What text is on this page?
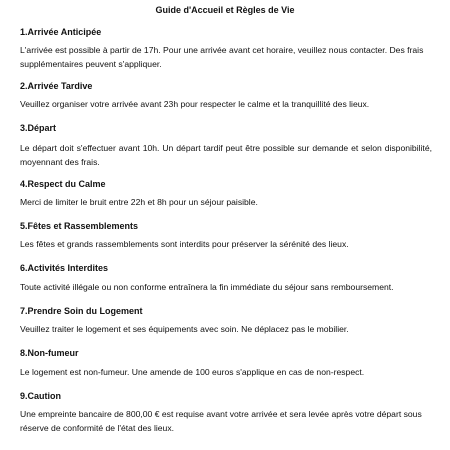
Guide d'Accueil et Règles de Vie
1.Arrivée Anticipée

L'arrivée est possible à partir de 17h. Pour une arrivée avant cet horaire, veuillez nous contacter. Des frais supplémentaires peuvent s'appliquer.

2.Arrivée Tardive

Veuillez organiser votre arrivée avant 23h pour respecter le calme et la tranquillité des lieux.

3.Départ

Le départ doit s'effectuer avant 10h. Un départ tardif peut être possible sur demande et selon disponibilité, moyennant des frais.

4.Respect du Calme

Merci de limiter le bruit entre 22h et 8h pour un séjour paisible.

5.Fêtes et Rassemblements

Les fêtes et grands rassemblements sont interdits pour préserver la sérénité des lieux.

6.Activités Interdites

Toute activité illégale ou non conforme entraînera la fin immédiate du séjour sans remboursement.

7.Prendre Soin du Logement

Veuillez traiter le logement et ses équipements avec soin. Ne déplacez pas le mobilier.

8.Non-fumeur

Le logement est non-fumeur. Une amende de 100 euros s'applique en cas de non-respect.

9.Caution

Une empreinte bancaire de 800,00 € est requise avant votre arrivée et sera levée après votre départ sous réserve de conformité de l'état des lieux.
